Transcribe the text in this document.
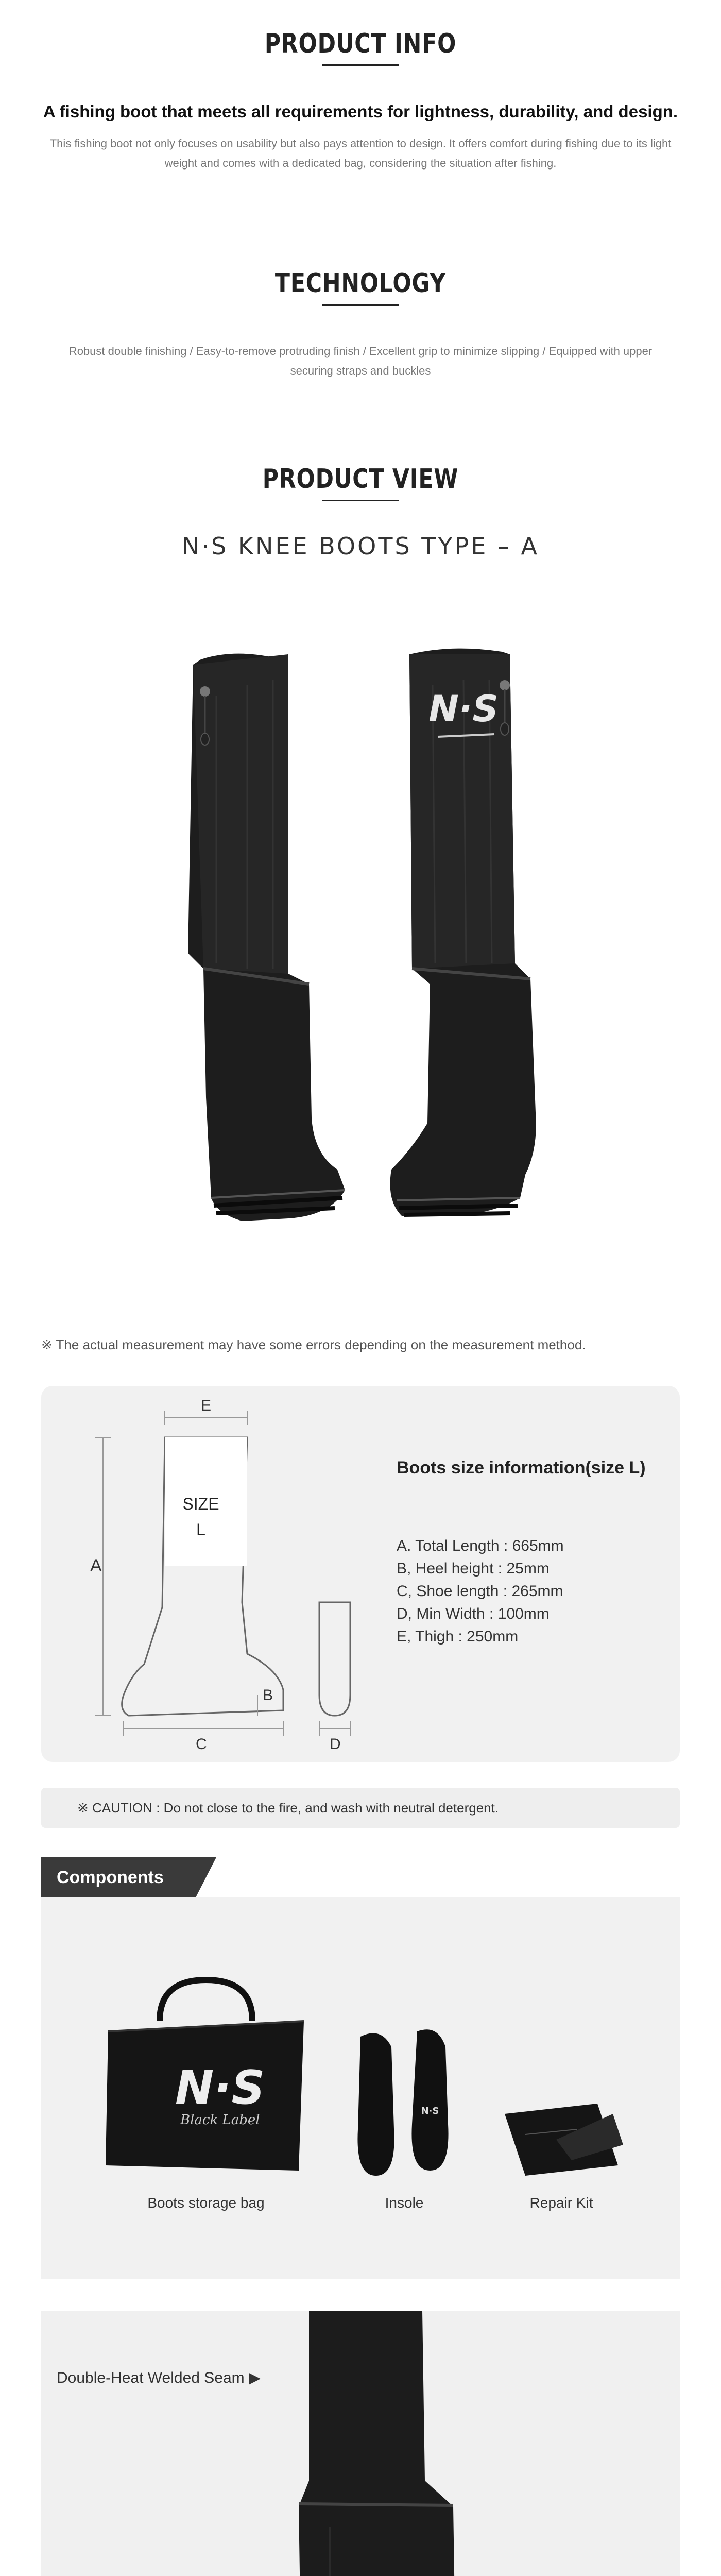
PRODUCT INFO

A fishing boot that meets all requirements for lightness, durability, and design.

This fishing boot not only focuses on usability but also pays attention to design. It offers comfort during fishing due to its light weight and comes with a dedicated bag, considering the situation after fishing.

TECHNOLOGY

Robust double finishing / Easy-to-remove protruding finish / Excellent grip to minimize slipping / Equipped with upper securing straps and buckles

PRODUCT VIEW

N·S KNEE BOOTS TYPE – A

N·S

※ The actual measurement may have some errors depending on the measurement method.

A
E
SIZE
L
B
C	D
Boots size information(size L)
A. Total Length : 665mm
B, Heel height : 25mm
C, Shoe length : 265mm
D, Min Width : 100mm
E, Thigh : 250mm
※ CAUTION : Do not close to the fire, and wash with neutral detergent.
Components
N·S
Black Label
Boots storage bag
N·S
Insole	Repair Kit
Double-Heat Welded Seam ▶
